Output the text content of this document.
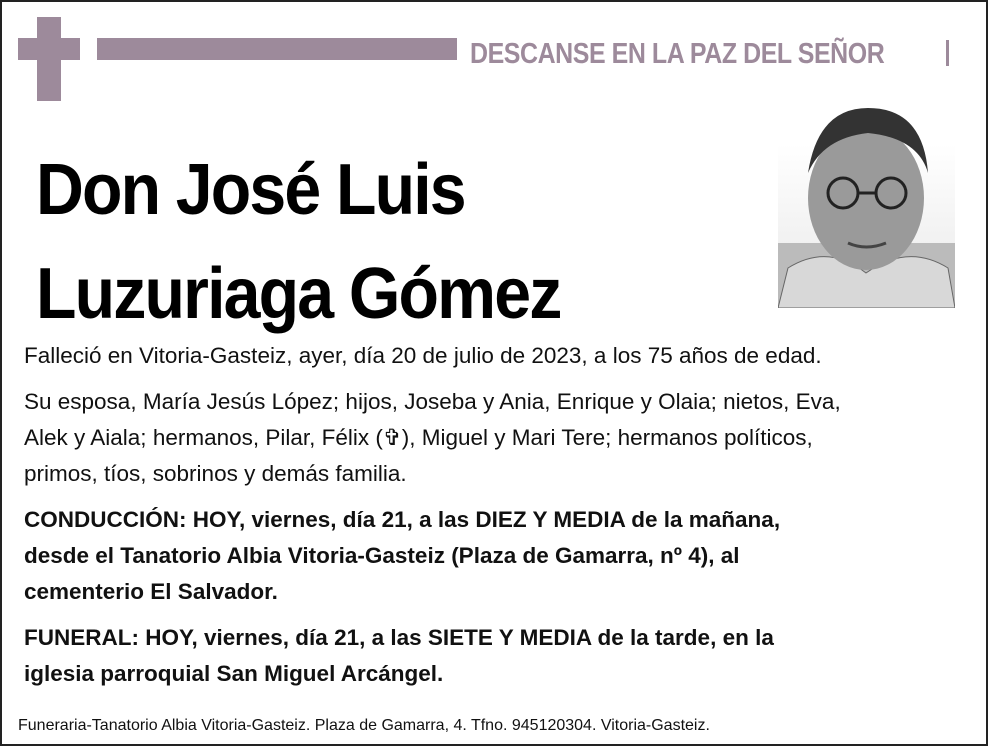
DESCANSE EN LA PAZ DEL SEÑOR
Don José Luis
Luzuriaga Gómez
Falleció en Vitoria-Gasteiz, ayer, día 20 de julio de 2023, a los 75 años de edad.
Su esposa, María Jesús López; hijos, Joseba y Ania, Enrique y Olaia; nietos, Eva,
Alek y Aiala; hermanos, Pilar, Félix (✞), Miguel y Mari Tere; hermanos políticos,
primos, tíos, sobrinos y demás familia.
CONDUCCIÓN: HOY, viernes, día 21, a las DIEZ Y MEDIA de la mañana,
desde el Tanatorio Albia Vitoria-Gasteiz (Plaza de Gamarra, nº 4), al
cementerio El Salvador.
FUNERAL: HOY, viernes, día 21, a las SIETE Y MEDIA de la tarde, en la
iglesia parroquial San Miguel Arcángel.
Funeraria-Tanatorio Albia Vitoria-Gasteiz. Plaza de Gamarra, 4. Tfno. 945120304. Vitoria-Gasteiz.
